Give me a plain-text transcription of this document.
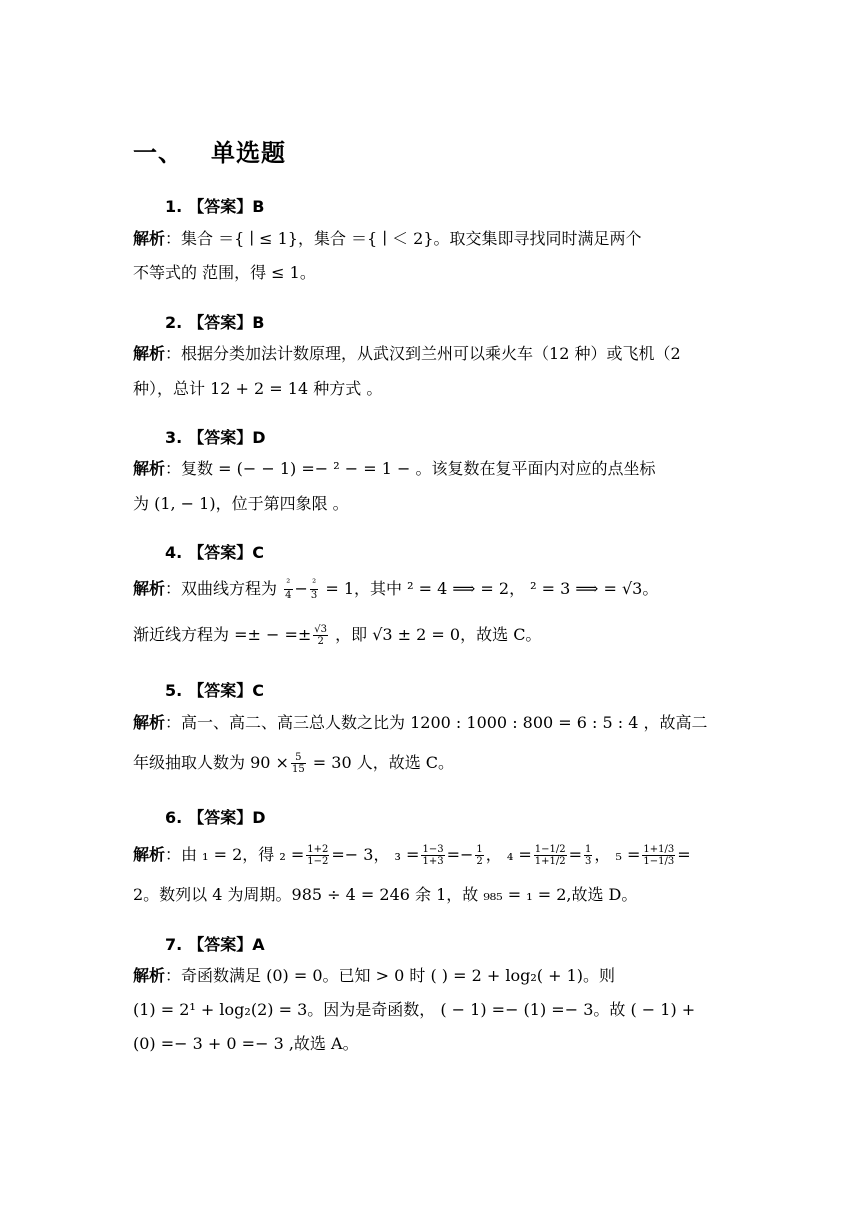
一、 单选题
1. 【答案】B
解析：集合 ＝{ ∣ ≤ 1}，集合 ＝{ ∣ ＜ 2}。取交集即寻找同时满足两个
不等式的 范围，得 ≤ 1。
2. 【答案】B
解析：根据分类加法计数原理，从武汉到兰州可以乘火车（12 种）或飞机（2
种），总计 12 + 2 = 14 种方式 。
3. 【答案】D
解析：复数 = (− − 1) =− ² − = 1 − 。该复数在复平面内对应的点坐标
为 (1, − 1)，位于第四象限 。
4. 【答案】C
解析：双曲线方程为 $\frac{\text{²}}{4} - \frac{\text{²}}{3} = 1$，其中 ² = 4 ⟹ = 2， ² = 3 ⟹ = √3。
渐近线方程为 =± − =± $\frac{√3}{2}$ ，即 √3 ± 2 = 0，故选 C。
5. 【答案】C
解析：高一、高二、高三总人数之比为 1200 : 1000 : 800 = 6 : 5 : 4 ，故高二
年级抽取人数为 $90 \times \frac{5}{15} = 30$ 人，故选 C。
6. 【答案】D
解析：由 ₁ = 2，得 $_2 = \frac{1+2}{1-2} =- 3$， $_3 = \frac{1-3}{1+3} =- \frac{1}{2}$ ， $_4 = \frac{1-1/2}{1+1/2} = \frac{1}{3}$ ， $_5 = \frac{1+1/3}{1-1/3}$ =
2。数列以 4 为周期。985 ÷ 4 = 246 余 1，故 ₉₈₅ = ₁ = 2,故选 D。
7. 【答案】A
解析：奇函数满足 (0) = 0。已知 > 0 时 ( ) = 2 + log₂( + 1)。则
(1) = 2¹ + log₂(2) = 3。因为是奇函数， ( − 1) =− (1) =− 3。故 ( − 1) +
(0) =− 3 + 0 =− 3 ,故选 A。
